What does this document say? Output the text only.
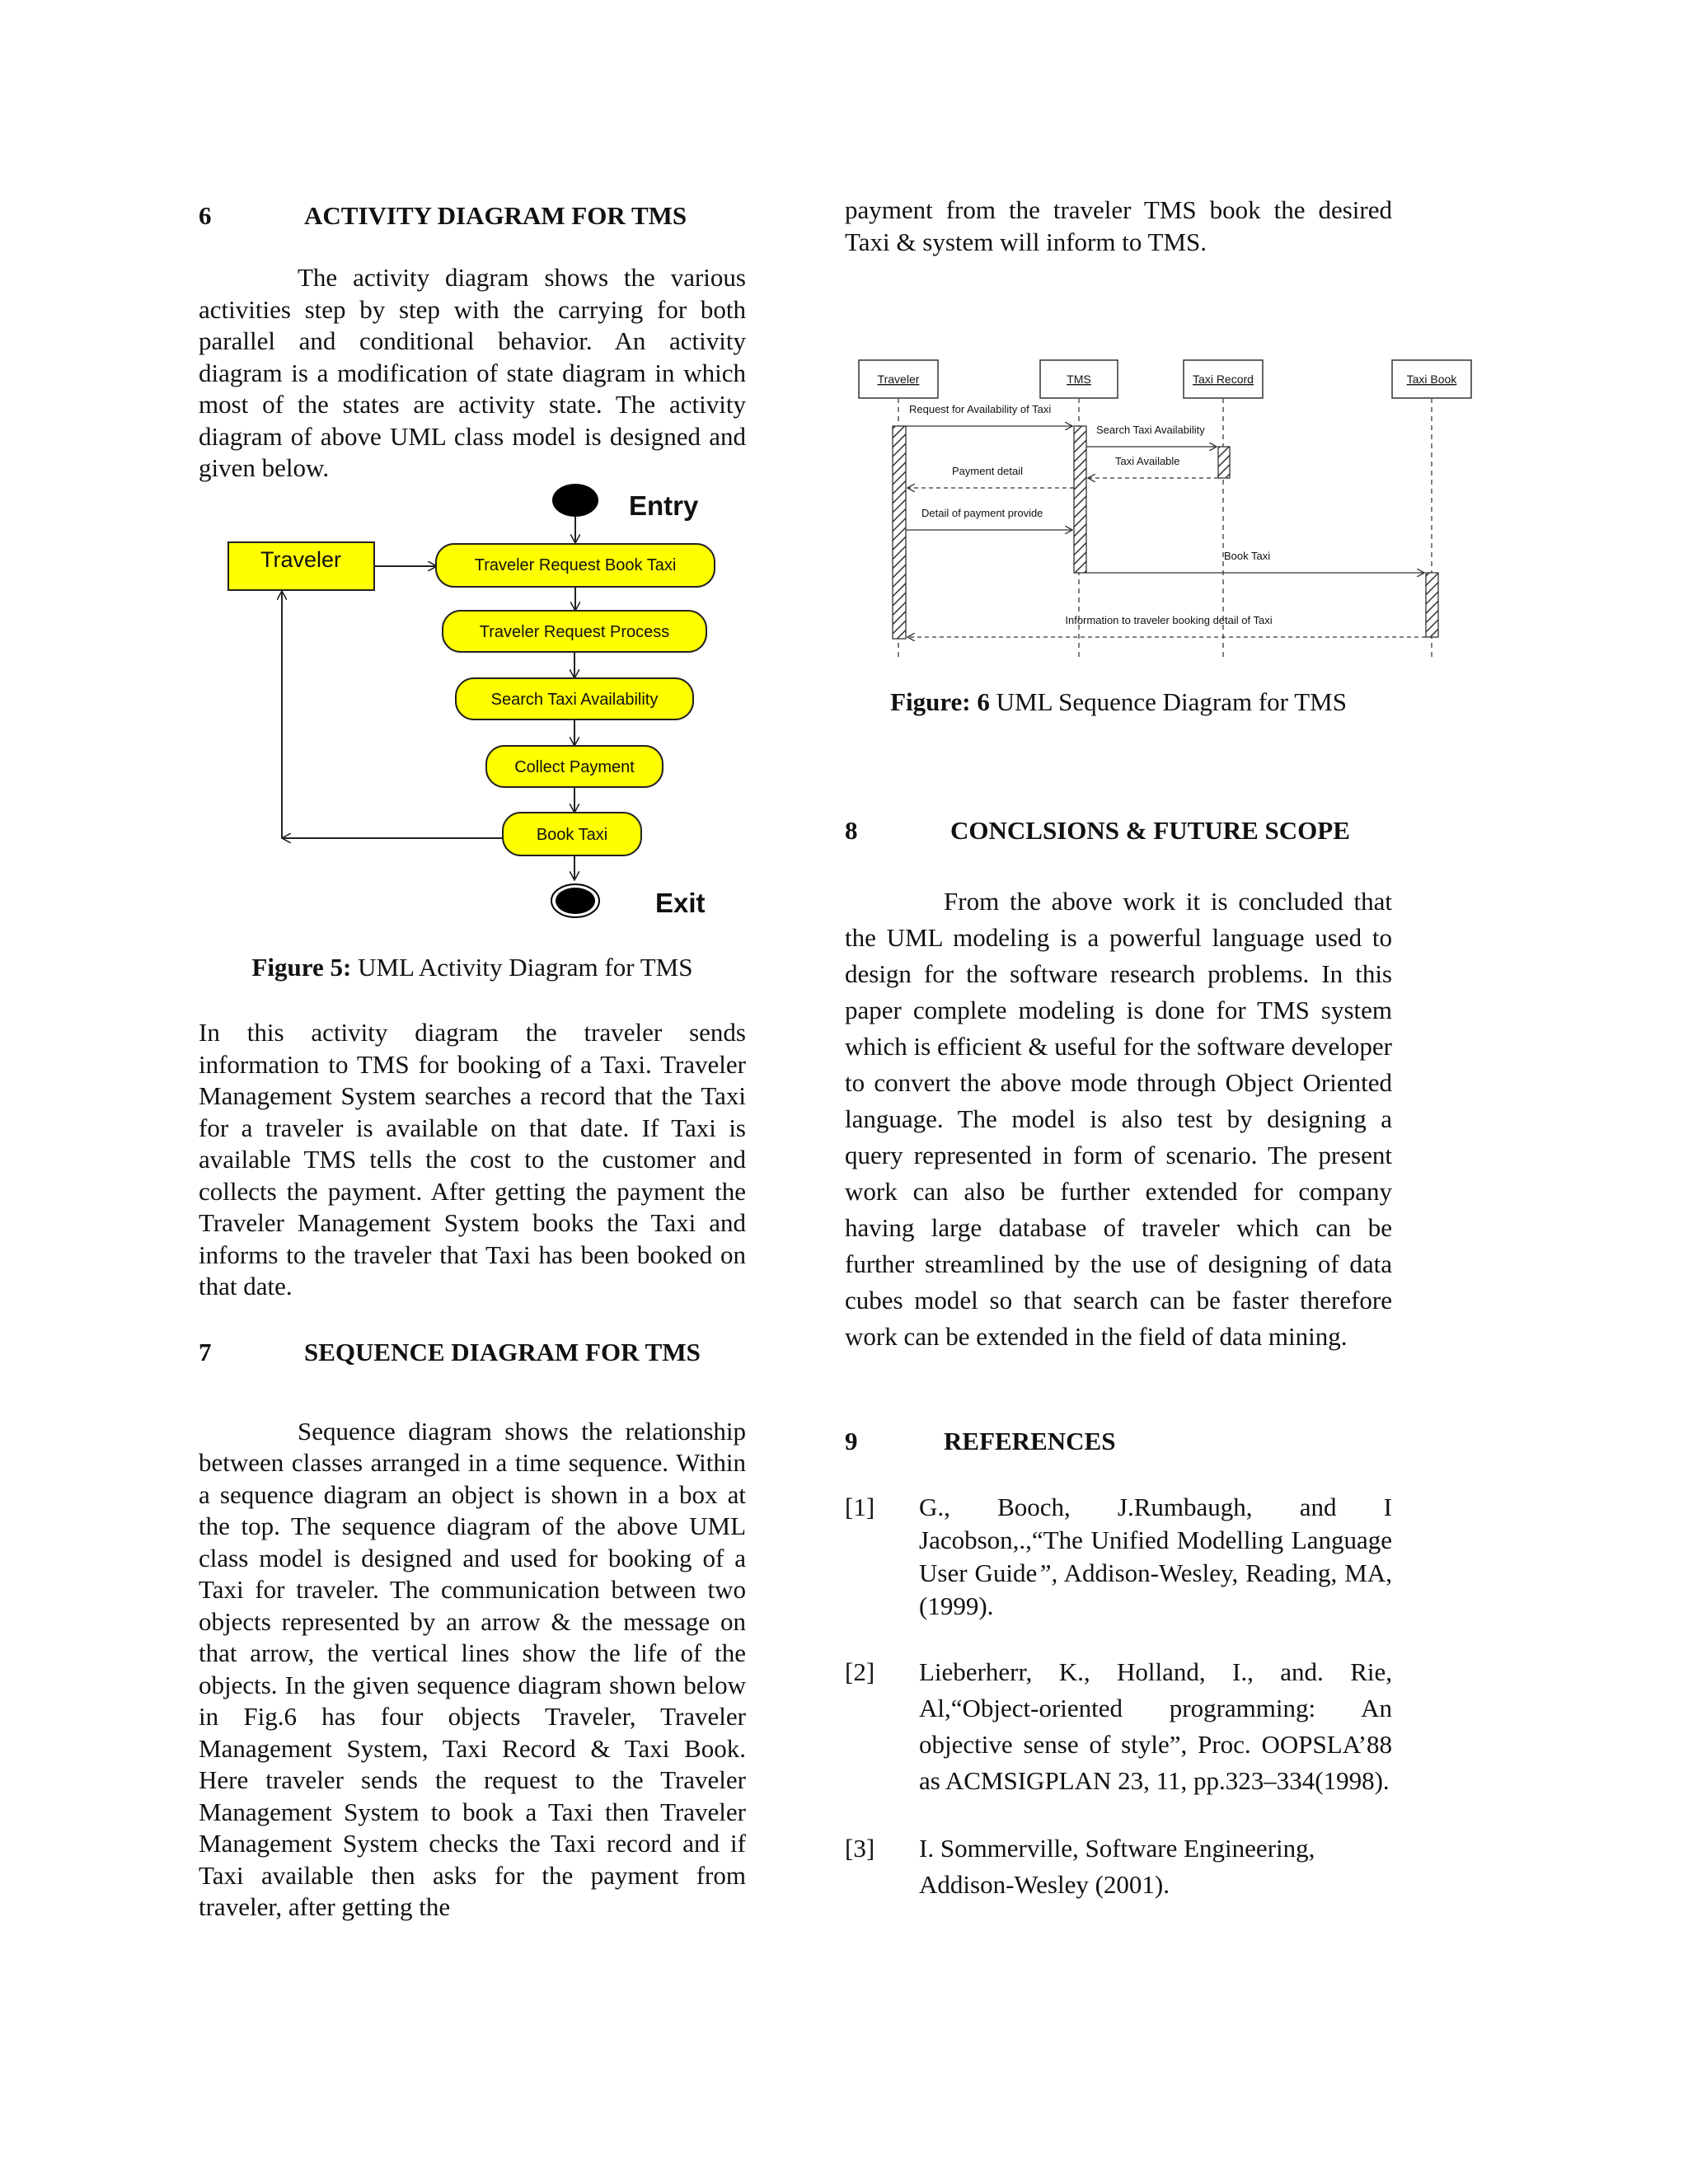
6	ACTIVITY DIAGRAM FOR TMS

The activity diagram shows the various activities step by step with the carrying for both parallel and conditional behavior. An activity diagram is a modification of state diagram in which most of the states are activity state. The activity diagram of above UML class model is designed and given below.

Entry
Traveler	Traveler Request Book Taxi
Traveler Request Process
Search Taxi Availability
Collect Payment
Book Taxi
Exit

Figure 5: UML Activity Diagram for TMS

In this activity diagram the traveler sends information to TMS for booking of a Taxi. Traveler Management System searches a record that the Taxi for a traveler is available on that date. If Taxi is available TMS tells the cost to the customer and collects the payment. After getting the payment the Traveler Management System books the Taxi and informs to the traveler that Taxi has been booked on that date.

7	SEQUENCE DIAGRAM FOR TMS

Sequence diagram shows the relationship between classes arranged in a time sequence. Within a sequence diagram an object is shown in a box at the top. The sequence diagram of the above UML class model is designed and used for booking of a Taxi for traveler. The communication between two objects represented by an arrow & the message on that arrow, the vertical lines show the life of the objects. In the given sequence diagram shown below in Fig.6 has four objects Traveler, Traveler Management System, Taxi Record & Taxi Book. Here traveler sends the request to the Traveler Management System to book a Taxi then Traveler Management System checks the Taxi record and if Taxi available then asks for the payment from traveler, after getting the

payment from the traveler TMS book the desired Taxi & system will inform to TMS.

Traveler	TMS	Taxi Record	Taxi Book
Request for Availability of Taxi
Search Taxi Availability
Taxi Available
Payment detail
Detail of payment provide
Book Taxi
Information to traveler booking detail of Taxi

Figure: 6 UML Sequence Diagram for TMS

8	CONCLSIONS & FUTURE SCOPE

From the above work it is concluded that the UML modeling is a powerful language used to design for the software research problems. In this paper complete modeling is done for TMS system which is efficient & useful for the software developer to convert the above mode through Object Oriented language. The model is also test by designing a query represented in form of scenario. The present work can also be further extended for company having large database of traveler which can be further streamlined by the use of designing of data cubes model so that search can be faster therefore work can be extended in the field of data mining.

9	REFERENCES

[1]	G., Booch, J.Rumbaugh, and I Jacobson,.,“The Unified Modelling Language User Guide”, Addison-Wesley, Reading, MA,(1999).
[2]	Lieberherr, K., Holland, I., and. Rie, Al,“Object-oriented programming: An objective sense of style”, Proc. OOPSLA’88 as ACMSIGPLAN 23, 11, pp.323–334(1998).
[3]	I. Sommerville, Software Engineering, Addison-Wesley (2001).
